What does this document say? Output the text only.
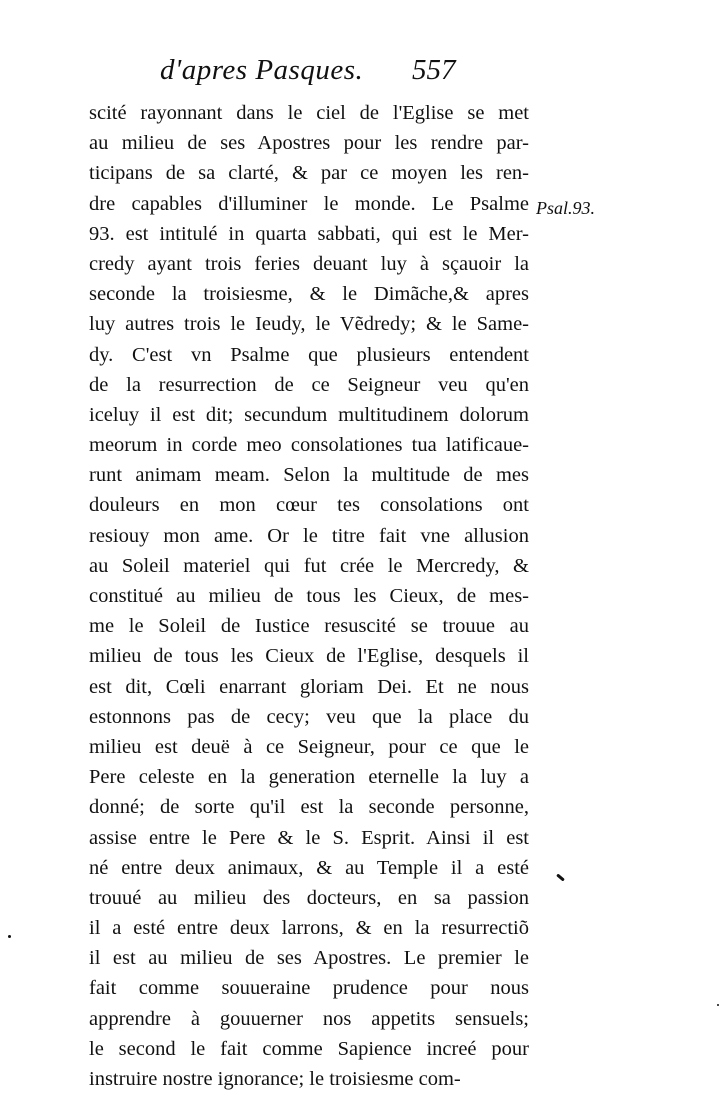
d'apres Pasques. 557
scité rayonnant dans le ciel de l'Eglise se met
au milieu de ses Apostres pour les rendre par-
ticipans de sa clarté, & par ce moyen les ren-
dre capables d'illuminer le monde. Le Psalme
93. est intitulé in quarta sabbati, qui est le Mer-
credy ayant trois feries deuant luy à sçauoir la
seconde la troisiesme, & le Dimãche,& apres
luy autres trois le Ieudy, le Vẽdredy; & le Same-
dy. C'est vn Psalme que plusieurs entendent
de la resurrection de ce Seigneur veu qu'en
iceluy il est dit; secundum multitudinem dolorum
meorum in corde meo consolationes tua latificaue-
runt animam meam. Selon la multitude de mes
douleurs en mon cœur tes consolations ont
resiouy mon ame. Or le titre fait vne allusion
au Soleil materiel qui fut crée le Mercredy, &
constitué au milieu de tous les Cieux, de mes-
me le Soleil de Iustice resuscité se trouue au
milieu de tous les Cieux de l'Eglise, desquels il
est dit, Cœli enarrant gloriam Dei. Et ne nous
estonnons pas de cecy; veu que la place du
milieu est deuë à ce Seigneur, pour ce que le
Pere celeste en la generation eternelle la luy a
donné; de sorte qu'il est la seconde personne,
assise entre le Pere & le S. Esprit. Ainsi il est
né entre deux animaux, & au Temple il a esté
trouué au milieu des docteurs, en sa passion
il a esté entre deux larrons, & en la resurrectiõ
il est au milieu de ses Apostres. Le premier le
fait comme souueraine prudence pour nous
apprendre à gouuerner nos appetits sensuels;
le second le fait comme Sapience increé pour
instruire nostre ignorance; le troisiesme com-
Psal.93.
